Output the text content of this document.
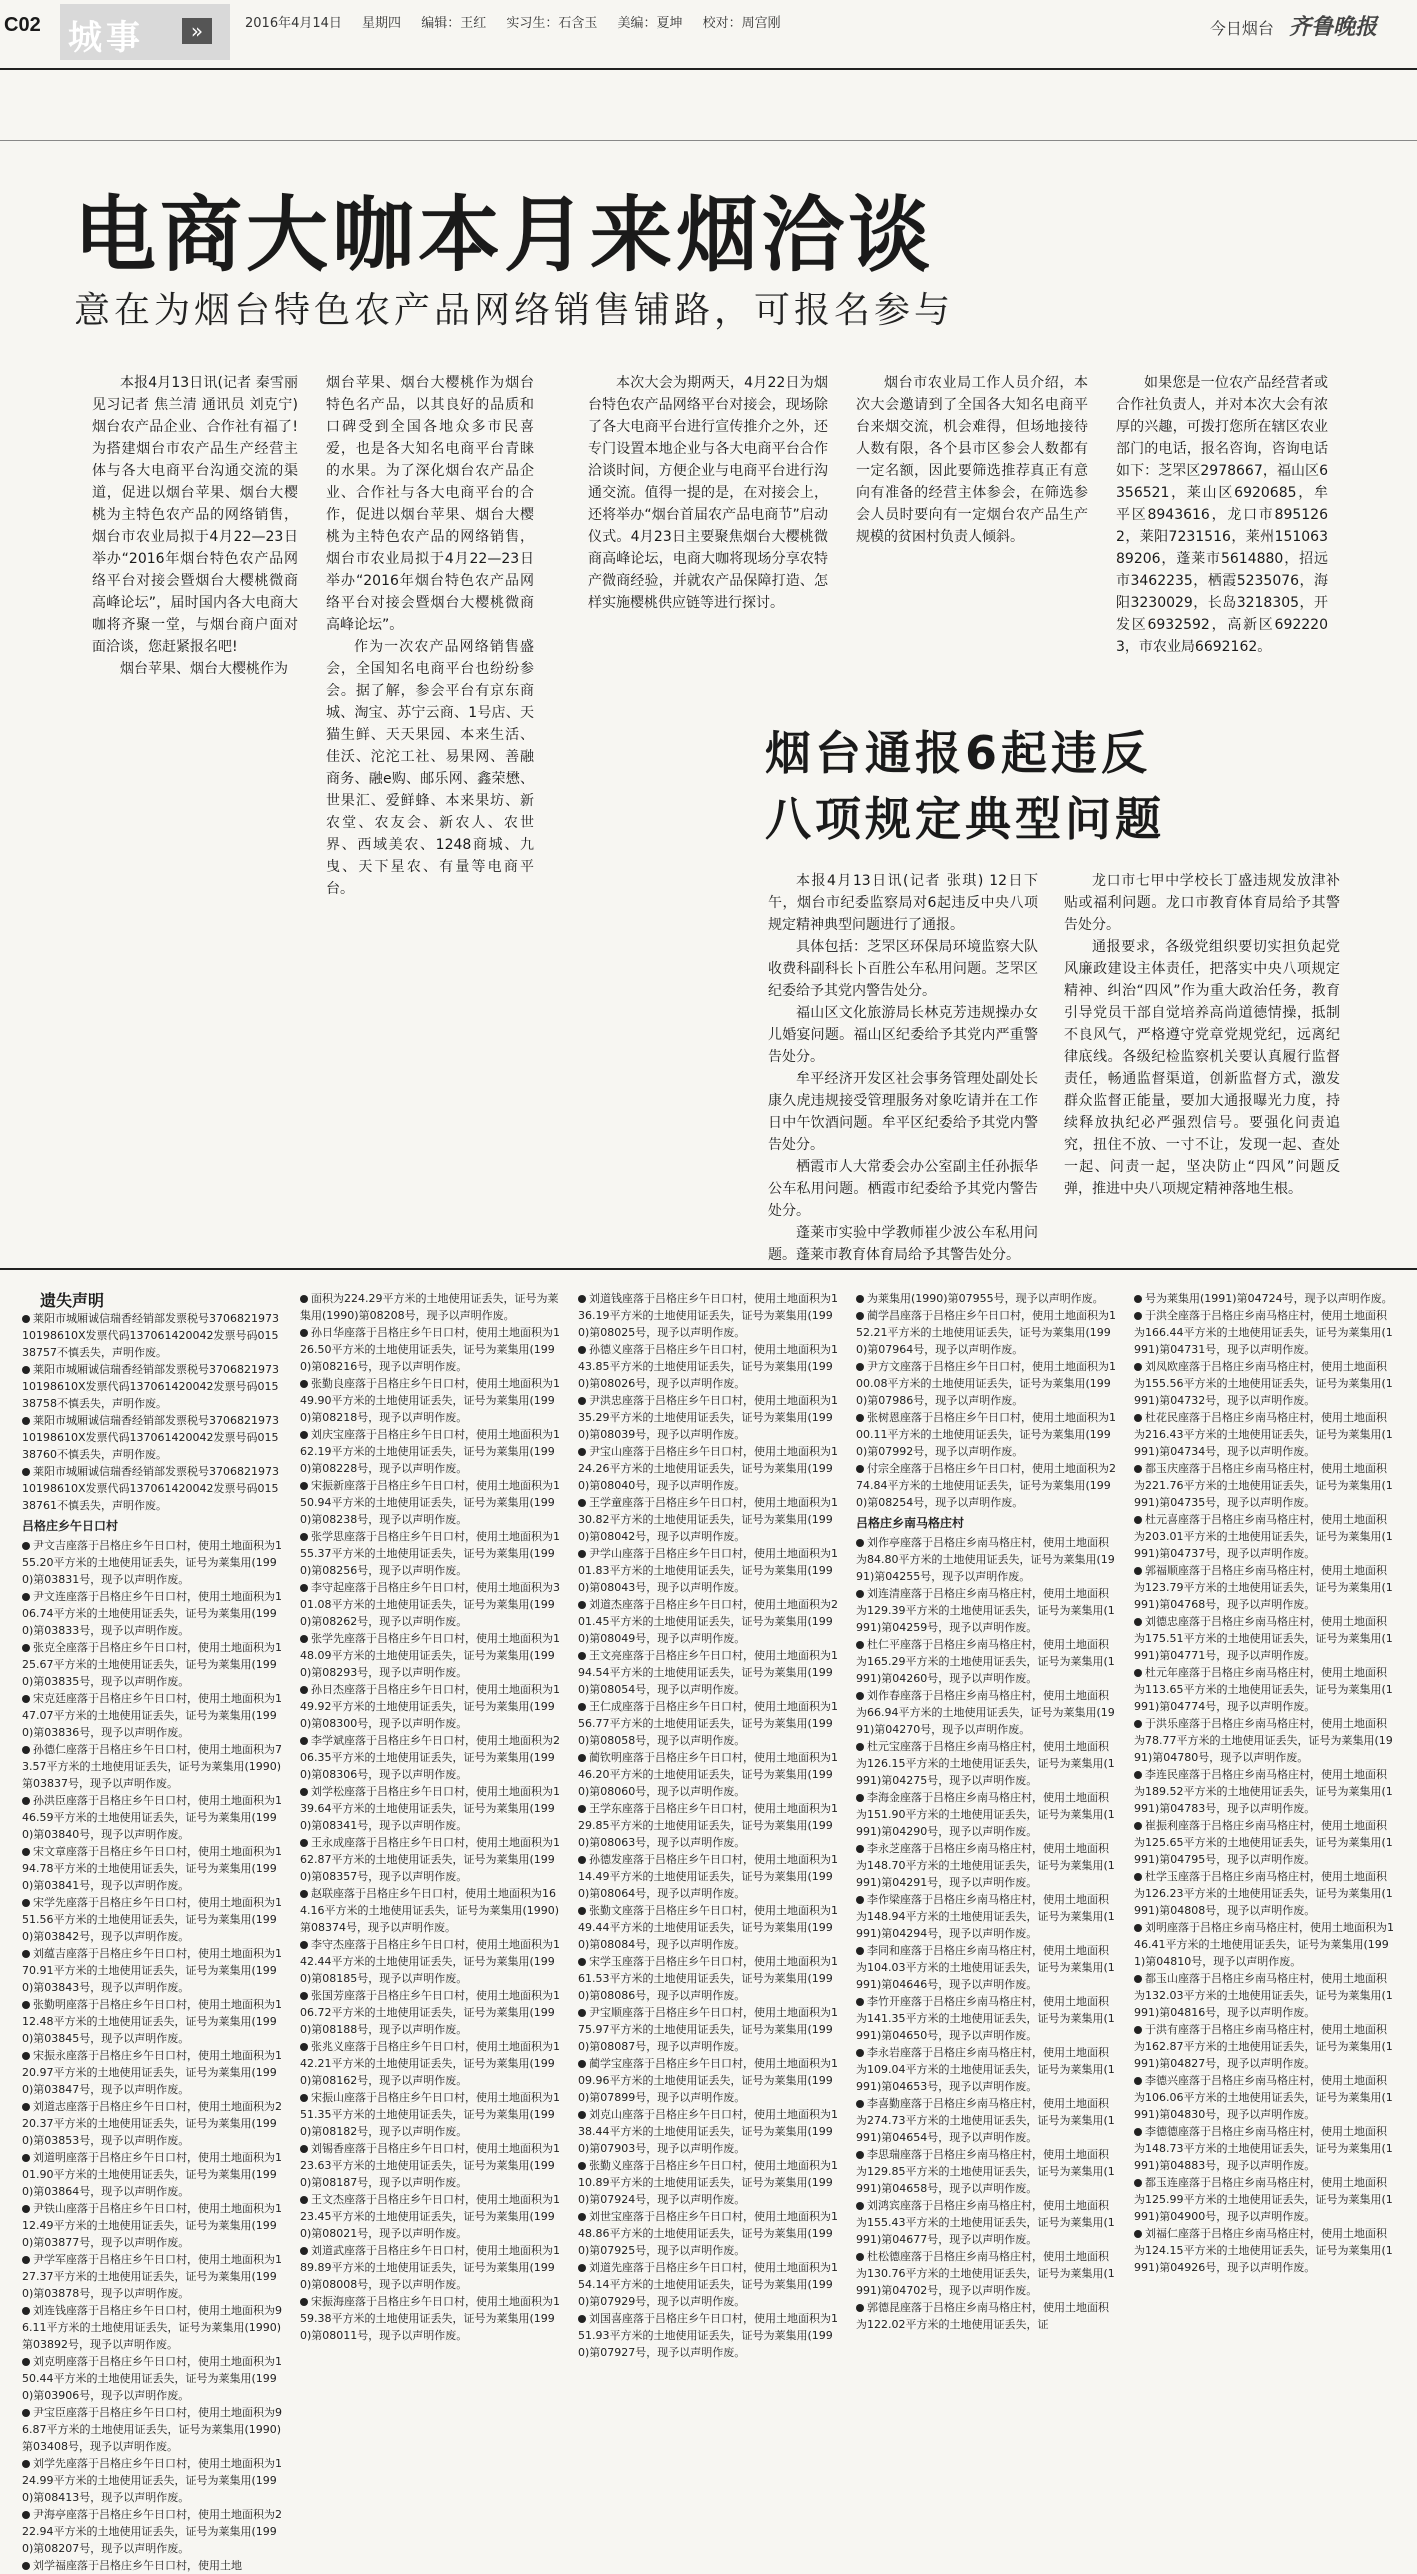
C02 城事	»	2016年4月14日 星期四 编辑：王红 实习生：石含玉 美编：夏坤 校对：周宫刚	今日烟台 齐鲁晚报
电商大咖本月来烟洽谈
意在为烟台特色农产品网络销售铺路，可报名参与

本报4月13日讯(记者 秦雪丽 见习记者 焦兰清 通讯员 刘克宁) 烟台农产品企业、合作社有福了!为搭建烟台市农产品生产经营主体与各大电商平台沟通交流的渠道，促进以烟台苹果、烟台大樱桃为主特色农产品的网络销售，烟台市农业局拟于4月22—23日举办“2016年烟台特色农产品网络平台对接会暨烟台大樱桃微商高峰论坛”，届时国内各大电商大咖将齐聚一堂，与烟台商户面对面洽谈，您赶紧报名吧!

烟台苹果、烟台大樱桃作为

烟台苹果、烟台大樱桃作为烟台特色名产品，以其良好的品质和口碑受到全国各地众多市民喜爱，也是各大知名电商平台青睐的水果。为了深化烟台农产品企业、合作社与各大电商平台的合作，促进以烟台苹果、烟台大樱桃为主特色农产品的网络销售，烟台市农业局拟于4月22—23日举办“2016年烟台特色农产品网络平台对接会暨烟台大樱桃微商高峰论坛”。

作为一次农产品网络销售盛会，全国知名电商平台也纷纷参会。据了解，参会平台有京东商城、淘宝、苏宁云商、1号店、天猫生鲜、天天果园、本来生活、佳沃、沱沱工社、易果网、善融商务、融e购、邮乐网、鑫荣懋、世果汇、爱鲜蜂、本来果坊、新农堂、农友会、新农人、农世界、西域美农、1248商城、九曳、天下星农、有量等电商平台。

本次大会为期两天，4月22日为烟台特色农产品网络平台对接会，现场除了各大电商平台进行宣传推介之外，还专门设置本地企业与各大电商平台合作洽谈时间，方便企业与电商平台进行沟通交流。值得一提的是，在对接会上，还将举办“烟台首届农产品电商节”启动仪式。4月23日主要聚焦烟台大樱桃微商高峰论坛，电商大咖将现场分享农特产微商经验，并就农产品保障打造、怎样实施樱桃供应链等进行探讨。

烟台市农业局工作人员介绍，本次大会邀请到了全国各大知名电商平台来烟交流，机会难得，但场地接待人数有限，各个县市区参会人数都有一定名额，因此要筛选推荐真正有意向有准备的经营主体参会，在筛选参会人员时要向有一定烟台农产品生产规模的贫困村负责人倾斜。

如果您是一位农产品经营者或合作社负责人，并对本次大会有浓厚的兴趣，可拨打您所在辖区农业部门的电话，报名咨询，咨询电话如下：芝罘区2978667，福山区6356521，莱山区6920685，牟平区8943616，龙口市8951262，莱阳7231516，莱州15106389206，蓬莱市5614880，招远市3462235，栖霞5235076，海阳3230029，长岛3218305，开发区6932592，高新区6922203，市农业局6692162。

烟台通报6起违反
八项规定典型问题

本报4月13日讯(记者 张琪) 12日下午，烟台市纪委监察局对6起违反中央八项规定精神典型问题进行了通报。

具体包括：芝罘区环保局环境监察大队收费科副科长卜百胜公车私用问题。芝罘区纪委给予其党内警告处分。

福山区文化旅游局长林克芳违规操办女儿婚宴问题。福山区纪委给予其党内严重警告处分。

牟平经济开发区社会事务管理处副处长康久虎违规接受管理服务对象吃请并在工作日中午饮酒问题。牟平区纪委给予其党内警告处分。

栖霞市人大常委会办公室副主任孙振华公车私用问题。栖霞市纪委给予其党内警告处分。

蓬莱市实验中学教师崔少波公车私用问题。蓬莱市教育体育局给予其警告处分。

龙口市七甲中学校长丁盛违规发放津补贴或福利问题。龙口市教育体育局给予其警告处分。

通报要求，各级党组织要切实担负起党风廉政建设主体责任，把落实中央八项规定精神、纠治“四风”作为重大政治任务，教育引导党员干部自觉培养高尚道德情操，抵制不良风气，严格遵守党章党规党纪，远离纪律底线。各级纪检监察机关要认真履行监督责任，畅通监督渠道，创新监督方式，激发群众监督正能量，要加大通报曝光力度，持续释放执纪必严强烈信号。要强化问责追究，扭住不放、一寸不让，发现一起、查处一起、问责一起，坚决防止“四风”问题反弹，推进中央八项规定精神落地生根。

遗失声明
莱阳市城厢诚信瑞香经销部发票税号370682197310198610X发票代码137061420042发票号码01538757不慎丢失，声明作废。
莱阳市城厢诚信瑞香经销部发票税号370682197310198610X发票代码137061420042发票号码01538758不慎丢失，声明作废。
莱阳市城厢诚信瑞香经销部发票税号370682197310198610X发票代码137061420042发票号码01538760不慎丢失，声明作废。
莱阳市城厢诚信瑞香经销部发票税号370682197310198610X发票代码137061420042发票号码01538761不慎丢失，声明作废。
吕格庄乡午日口村
尹文吉座落于吕格庄乡午日口村，使用土地面积为155.20平方米的土地使用证丢失，证号为莱集用(1990)第03831号，现予以声明作废。
尹文连座落于吕格庄乡午日口村，使用土地面积为106.74平方米的土地使用证丢失，证号为莱集用(1990)第03833号，现予以声明作废。
张克全座落于吕格庄乡午日口村，使用土地面积为125.67平方米的土地使用证丢失，证号为莱集用(1990)第03835号，现予以声明作废。
宋克廷座落于吕格庄乡午日口村，使用土地面积为147.07平方米的土地使用证丢失，证号为莱集用(1990)第03836号，现予以声明作废。
孙德仁座落于吕格庄乡午日口村，使用土地面积为73.57平方米的土地使用证丢失，证号为莱集用(1990)第03837号，现予以声明作废。
孙洪臣座落于吕格庄乡午日口村，使用土地面积为146.59平方米的土地使用证丢失，证号为莱集用(1990)第03840号，现予以声明作废。
宋文章座落于吕格庄乡午日口村，使用土地面积为194.78平方米的土地使用证丢失，证号为莱集用(1990)第03841号，现予以声明作废。
宋学先座落于吕格庄乡午日口村，使用土地面积为151.56平方米的土地使用证丢失，证号为莱集用(1990)第03842号，现予以声明作废。
刘蕴吉座落于吕格庄乡午日口村，使用土地面积为170.91平方米的土地使用证丢失，证号为莱集用(1990)第03843号，现予以声明作废。
张勤明座落于吕格庄乡午日口村，使用土地面积为112.48平方米的土地使用证丢失，证号为莱集用(1990)第03845号，现予以声明作废。
宋振永座落于吕格庄乡午日口村，使用土地面积为120.97平方米的土地使用证丢失，证号为莱集用(1990)第03847号，现予以声明作废。
刘道志座落于吕格庄乡午日口村，使用土地面积为220.37平方米的土地使用证丢失，证号为莱集用(1990)第03853号，现予以声明作废。
刘道明座落于吕格庄乡午日口村，使用土地面积为101.90平方米的土地使用证丢失，证号为莱集用(1990)第03864号，现予以声明作废。
尹铁山座落于吕格庄乡午日口村，使用土地面积为112.49平方米的土地使用证丢失，证号为莱集用(1990)第03877号，现予以声明作废。
尹学军座落于吕格庄乡午日口村，使用土地面积为127.37平方米的土地使用证丢失，证号为莱集用(1990)第03878号，现予以声明作废。
刘连钱座落于吕格庄乡午日口村，使用土地面积为96.11平方米的土地使用证丢失，证号为莱集用(1990)第03892号，现予以声明作废。
刘克明座落于吕格庄乡午日口村，使用土地面积为150.44平方米的土地使用证丢失，证号为莱集用(1990)第03906号，现予以声明作废。
尹宝臣座落于吕格庄乡午日口村，使用土地面积为96.87平方米的土地使用证丢失，证号为莱集用(1990)第03408号，现予以声明作废。
刘学先座落于吕格庄乡午日口村，使用土地面积为124.99平方米的土地使用证丢失，证号为莱集用(1990)第08413号，现予以声明作废。
尹海亭座落于吕格庄乡午日口村，使用土地面积为222.94平方米的土地使用证丢失，证号为莱集用(1990)第08207号，现予以声明作废。
刘学福座落于吕格庄乡午日口村，使用土地
面积为224.29平方米的土地使用证丢失，证号为莱集用(1990)第08208号，现予以声明作废。
孙日华座落于吕格庄乡午日口村，使用土地面积为126.50平方米的土地使用证丢失，证号为莱集用(1990)第08216号，现予以声明作废。
张勤良座落于吕格庄乡午日口村，使用土地面积为149.90平方米的土地使用证丢失，证号为莱集用(1990)第08218号，现予以声明作废。
刘庆宝座落于吕格庄乡午日口村，使用土地面积为162.19平方米的土地使用证丢失，证号为莱集用(1990)第08228号，现予以声明作废。
宋振新座落于吕格庄乡午日口村，使用土地面积为150.94平方米的土地使用证丢失，证号为莱集用(1990)第08238号，现予以声明作废。
张学思座落于吕格庄乡午日口村，使用土地面积为155.37平方米的土地使用证丢失，证号为莱集用(1990)第08256号，现予以声明作废。
李守起座落于吕格庄乡午日口村，使用土地面积为301.08平方米的土地使用证丢失，证号为莱集用(1990)第08262号，现予以声明作废。
张学先座落于吕格庄乡午日口村，使用土地面积为148.09平方米的土地使用证丢失，证号为莱集用(1990)第08293号，现予以声明作废。
孙日杰座落于吕格庄乡午日口村，使用土地面积为149.92平方米的土地使用证丢失，证号为莱集用(1990)第08300号，现予以声明作废。
李学斌座落于吕格庄乡午日口村，使用土地面积为206.35平方米的土地使用证丢失，证号为莱集用(1990)第08306号，现予以声明作废。
刘学松座落于吕格庄乡午日口村，使用土地面积为139.64平方米的土地使用证丢失，证号为莱集用(1990)第08341号，现予以声明作废。
王永成座落于吕格庄乡午日口村，使用土地面积为162.87平方米的土地使用证丢失，证号为莱集用(1990)第08357号，现予以声明作废。
赵联座落于吕格庄乡午日口村，使用土地面积为164.16平方米的土地使用证丢失，证号为莱集用(1990)第08374号，现予以声明作废。
李守杰座落于吕格庄乡午日口村，使用土地面积为142.44平方米的土地使用证丢失，证号为莱集用(1990)第08185号，现予以声明作废。
张国芳座落于吕格庄乡午日口村，使用土地面积为106.72平方米的土地使用证丢失，证号为莱集用(1990)第08188号，现予以声明作废。
张兆义座落于吕格庄乡午日口村，使用土地面积为142.21平方米的土地使用证丢失，证号为莱集用(1990)第08162号，现予以声明作废。
宋振山座落于吕格庄乡午日口村，使用土地面积为151.35平方米的土地使用证丢失，证号为莱集用(1990)第08182号，现予以声明作废。
刘锡香座落于吕格庄乡午日口村，使用土地面积为123.63平方米的土地使用证丢失，证号为莱集用(1990)第08187号，现予以声明作废。
王文杰座落于吕格庄乡午日口村，使用土地面积为123.45平方米的土地使用证丢失，证号为莱集用(1990)第08021号，现予以声明作废。
刘道武座落于吕格庄乡午日口村，使用土地面积为189.89平方米的土地使用证丢失，证号为莱集用(1990)第08008号，现予以声明作废。
宋振海座落于吕格庄乡午日口村，使用土地面积为159.38平方米的土地使用证丢失，证号为莱集用(1990)第08011号，现予以声明作废。
刘道钱座落于吕格庄乡午日口村，使用土地面积为136.19平方米的土地使用证丢失，证号为莱集用(1990)第08025号，现予以声明作废。
孙德义座落于吕格庄乡午日口村，使用土地面积为143.85平方米的土地使用证丢失，证号为莱集用(1990)第08026号，现予以声明作废。
尹洪忠座落于吕格庄乡午日口村，使用土地面积为135.29平方米的土地使用证丢失，证号为莱集用(1990)第08039号，现予以声明作废。
尹宝山座落于吕格庄乡午日口村，使用土地面积为124.26平方米的土地使用证丢失，证号为莱集用(1990)第08040号，现予以声明作废。
王学童座落于吕格庄乡午日口村，使用土地面积为130.82平方米的土地使用证丢失，证号为莱集用(1990)第08042号，现予以声明作废。
尹学山座落于吕格庄乡午日口村，使用土地面积为101.83平方米的土地使用证丢失，证号为莱集用(1990)第08043号，现予以声明作废。
刘道杰座落于吕格庄乡午日口村，使用土地面积为201.45平方米的土地使用证丢失，证号为莱集用(1990)第08049号，现予以声明作废。
王文亮座落于吕格庄乡午日口村，使用土地面积为194.54平方米的土地使用证丢失，证号为莱集用(1990)第08054号，现予以声明作废。
王仁成座落于吕格庄乡午日口村，使用土地面积为156.77平方米的土地使用证丢失，证号为莱集用(1990)第08058号，现予以声明作废。
蔺钦明座落于吕格庄乡午日口村，使用土地面积为146.20平方米的土地使用证丢失，证号为莱集用(1990)第08060号，现予以声明作废。
王学东座落于吕格庄乡午日口村，使用土地面积为129.85平方米的土地使用证丢失，证号为莱集用(1990)第08063号，现予以声明作废。
孙德发座落于吕格庄乡午日口村，使用土地面积为114.49平方米的土地使用证丢失，证号为莱集用(1990)第08064号，现予以声明作废。
张勤文座落于吕格庄乡午日口村，使用土地面积为149.44平方米的土地使用证丢失，证号为莱集用(1990)第08084号，现予以声明作废。
宋学玉座落于吕格庄乡午日口村，使用土地面积为161.53平方米的土地使用证丢失，证号为莱集用(1990)第08086号，现予以声明作废。
尹宝顺座落于吕格庄乡午日口村，使用土地面积为175.97平方米的土地使用证丢失，证号为莱集用(1990)第08087号，现予以声明作废。
蔺学宝座落于吕格庄乡午日口村，使用土地面积为109.96平方米的土地使用证丢失，证号为莱集用(1990)第07899号，现予以声明作废。
刘克山座落于吕格庄乡午日口村，使用土地面积为138.44平方米的土地使用证丢失，证号为莱集用(1990)第07903号，现予以声明作废。
张勤义座落于吕格庄乡午日口村，使用土地面积为110.89平方米的土地使用证丢失，证号为莱集用(1990)第07924号，现予以声明作废。
刘世宝座落于吕格庄乡午日口村，使用土地面积为148.86平方米的土地使用证丢失，证号为莱集用(1990)第07925号，现予以声明作废。
刘道先座落于吕格庄乡午日口村，使用土地面积为154.14平方米的土地使用证丢失，证号为莱集用(1990)第07929号，现予以声明作废。
刘国喜座落于吕格庄乡午日口村，使用土地面积为151.93平方米的土地使用证丢失，证号为莱集用(1990)第07927号，现予以声明作废。
为莱集用(1990)第07955号，现予以声明作废。
蔺学昌座落于吕格庄乡午日口村，使用土地面积为152.21平方米的土地使用证丢失，证号为莱集用(1990)第07964号，现予以声明作废。
尹方文座落于吕格庄乡午日口村，使用土地面积为100.08平方米的土地使用证丢失，证号为莱集用(1990)第07986号，现予以声明作废。
张树恩座落于吕格庄乡午日口村，使用土地面积为100.11平方米的土地使用证丢失，证号为莱集用(1990)第07992号，现予以声明作废。
付宗全座落于吕格庄乡午日口村，使用土地面积为274.84平方米的土地使用证丢失，证号为莱集用(1990)第08254号，现予以声明作废。
吕格庄乡南马格庄村
刘作亭座落于吕格庄乡南马格庄村，使用土地面积为84.80平方米的土地使用证丢失，证号为莱集用(1991)第04255号，现予以声明作废。
刘连清座落于吕格庄乡南马格庄村，使用土地面积为129.39平方米的土地使用证丢失，证号为莱集用(1991)第04259号，现予以声明作废。
杜仁平座落于吕格庄乡南马格庄村，使用土地面积为165.29平方米的土地使用证丢失，证号为莱集用(1991)第04260号，现予以声明作废。
刘作春座落于吕格庄乡南马格庄村，使用土地面积为66.94平方米的土地使用证丢失，证号为莱集用(1991)第04270号，现予以声明作废。
杜元宝座落于吕格庄乡南马格庄村，使用土地面积为126.15平方米的土地使用证丢失，证号为莱集用(1991)第04275号，现予以声明作废。
李海金座落于吕格庄乡南马格庄村，使用土地面积为151.90平方米的土地使用证丢失，证号为莱集用(1991)第04290号，现予以声明作废。
李永芝座落于吕格庄乡南马格庄村，使用土地面积为148.70平方米的土地使用证丢失，证号为莱集用(1991)第04291号，现予以声明作废。
李作梁座落于吕格庄乡南马格庄村，使用土地面积为148.94平方米的土地使用证丢失，证号为莱集用(1991)第04294号，现予以声明作废。
李同和座落于吕格庄乡南马格庄村，使用土地面积为104.03平方米的土地使用证丢失，证号为莱集用(1991)第04646号，现予以声明作废。
李竹开座落于吕格庄乡南马格庄村，使用土地面积为141.35平方米的土地使用证丢失，证号为莱集用(1991)第04650号，现予以声明作废。
李永岩座落于吕格庄乡南马格庄村，使用土地面积为109.04平方米的土地使用证丢失，证号为莱集用(1991)第04653号，现予以声明作废。
李喜勤座落于吕格庄乡南马格庄村，使用土地面积为274.73平方米的土地使用证丢失，证号为莱集用(1991)第04654号，现予以声明作废。
李思瑞座落于吕格庄乡南马格庄村，使用土地面积为129.85平方米的土地使用证丢失，证号为莱集用(1991)第04658号，现予以声明作废。
刘鸿宾座落于吕格庄乡南马格庄村，使用土地面积为155.43平方米的土地使用证丢失，证号为莱集用(1991)第04677号，现予以声明作废。
杜松德座落于吕格庄乡南马格庄村，使用土地面积为130.76平方米的土地使用证丢失，证号为莱集用(1991)第04702号，现予以声明作废。
郭德昆座落于吕格庄乡南马格庄村，使用土地面积为122.02平方米的土地使用证丢失，证
号为莱集用(1991)第04724号，现予以声明作废。
于洪全座落于吕格庄乡南马格庄村，使用土地面积为166.44平方米的土地使用证丢失，证号为莱集用(1991)第04731号，现予以声明作废。
刘凤欧座落于吕格庄乡南马格庄村，使用土地面积为155.56平方米的土地使用证丢失，证号为莱集用(1991)第04732号，现予以声明作废。
杜花民座落于吕格庄乡南马格庄村，使用土地面积为216.43平方米的土地使用证丢失，证号为莱集用(1991)第04734号，现予以声明作废。
都玉庆座落于吕格庄乡南马格庄村，使用土地面积为221.76平方米的土地使用证丢失，证号为莱集用(1991)第04735号，现予以声明作废。
杜元喜座落于吕格庄乡南马格庄村，使用土地面积为203.01平方米的土地使用证丢失，证号为莱集用(1991)第04737号，现予以声明作废。
郭福顺座落于吕格庄乡南马格庄村，使用土地面积为123.79平方米的土地使用证丢失，证号为莱集用(1991)第04768号，现予以声明作废。
刘德忠座落于吕格庄乡南马格庄村，使用土地面积为175.51平方米的土地使用证丢失，证号为莱集用(1991)第04771号，现予以声明作废。
杜元年座落于吕格庄乡南马格庄村，使用土地面积为113.65平方米的土地使用证丢失，证号为莱集用(1991)第04774号，现予以声明作废。
于洪乐座落于吕格庄乡南马格庄村，使用土地面积为78.77平方米的土地使用证丢失，证号为莱集用(1991)第04780号，现予以声明作废。
李连民座落于吕格庄乡南马格庄村，使用土地面积为189.52平方米的土地使用证丢失，证号为莱集用(1991)第04783号，现予以声明作废。
崔振利座落于吕格庄乡南马格庄村，使用土地面积为125.65平方米的土地使用证丢失，证号为莱集用(1991)第04795号，现予以声明作废。
杜学玉座落于吕格庄乡南马格庄村，使用土地面积为126.23平方米的土地使用证丢失，证号为莱集用(1991)第04808号，现予以声明作废。
刘明座落于吕格庄乡南马格庄村，使用土地面积为146.41平方米的土地使用证丢失，证号为莱集用(1991)第04810号，现予以声明作废。
都玉山座落于吕格庄乡南马格庄村，使用土地面积为132.03平方米的土地使用证丢失，证号为莱集用(1991)第04816号，现予以声明作废。
于洪有座落于吕格庄乡南马格庄村，使用土地面积为162.87平方米的土地使用证丢失，证号为莱集用(1991)第04827号，现予以声明作废。
李德兴座落于吕格庄乡南马格庄村，使用土地面积为106.06平方米的土地使用证丢失，证号为莱集用(1991)第04830号，现予以声明作废。
李德德座落于吕格庄乡南马格庄村，使用土地面积为148.73平方米的土地使用证丢失，证号为莱集用(1991)第04883号，现予以声明作废。
都玉连座落于吕格庄乡南马格庄村，使用土地面积为125.99平方米的土地使用证丢失，证号为莱集用(1991)第04900号，现予以声明作废。
刘福仁座落于吕格庄乡南马格庄村，使用土地面积为124.15平方米的土地使用证丢失，证号为莱集用(1991)第04926号，现予以声明作废。
